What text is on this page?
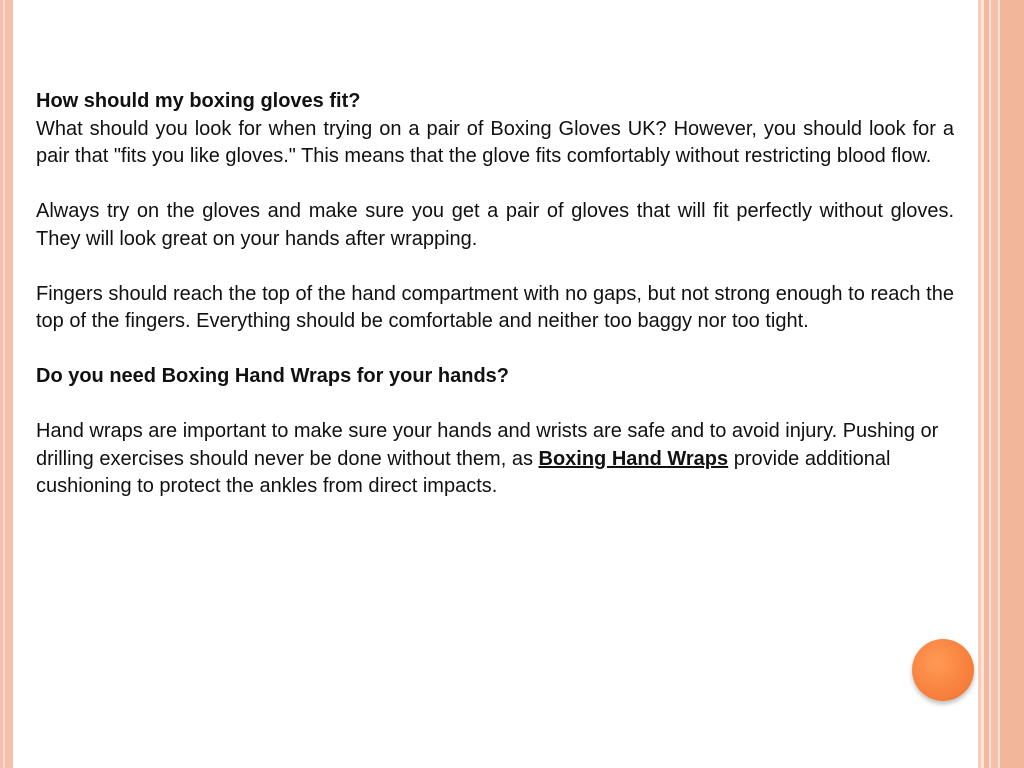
How should my boxing gloves fit?

What should you look for when trying on a pair of Boxing Gloves UK? However, you should look for a pair that "fits you like gloves." This means that the glove fits comfortably without restricting blood flow.

Always try on the gloves and make sure you get a pair of gloves that will fit perfectly without gloves. They will look great on your hands after wrapping.

Fingers should reach the top of the hand compartment with no gaps, but not strong enough to reach the top of the fingers. Everything should be comfortable and neither too baggy nor too tight.

Do you need Boxing Hand Wraps for your hands?

Hand wraps are important to make sure your hands and wrists are safe and to avoid injury. Pushing or drilling exercises should never be done without them, as Boxing Hand Wraps provide additional cushioning to protect the ankles from direct impacts.
